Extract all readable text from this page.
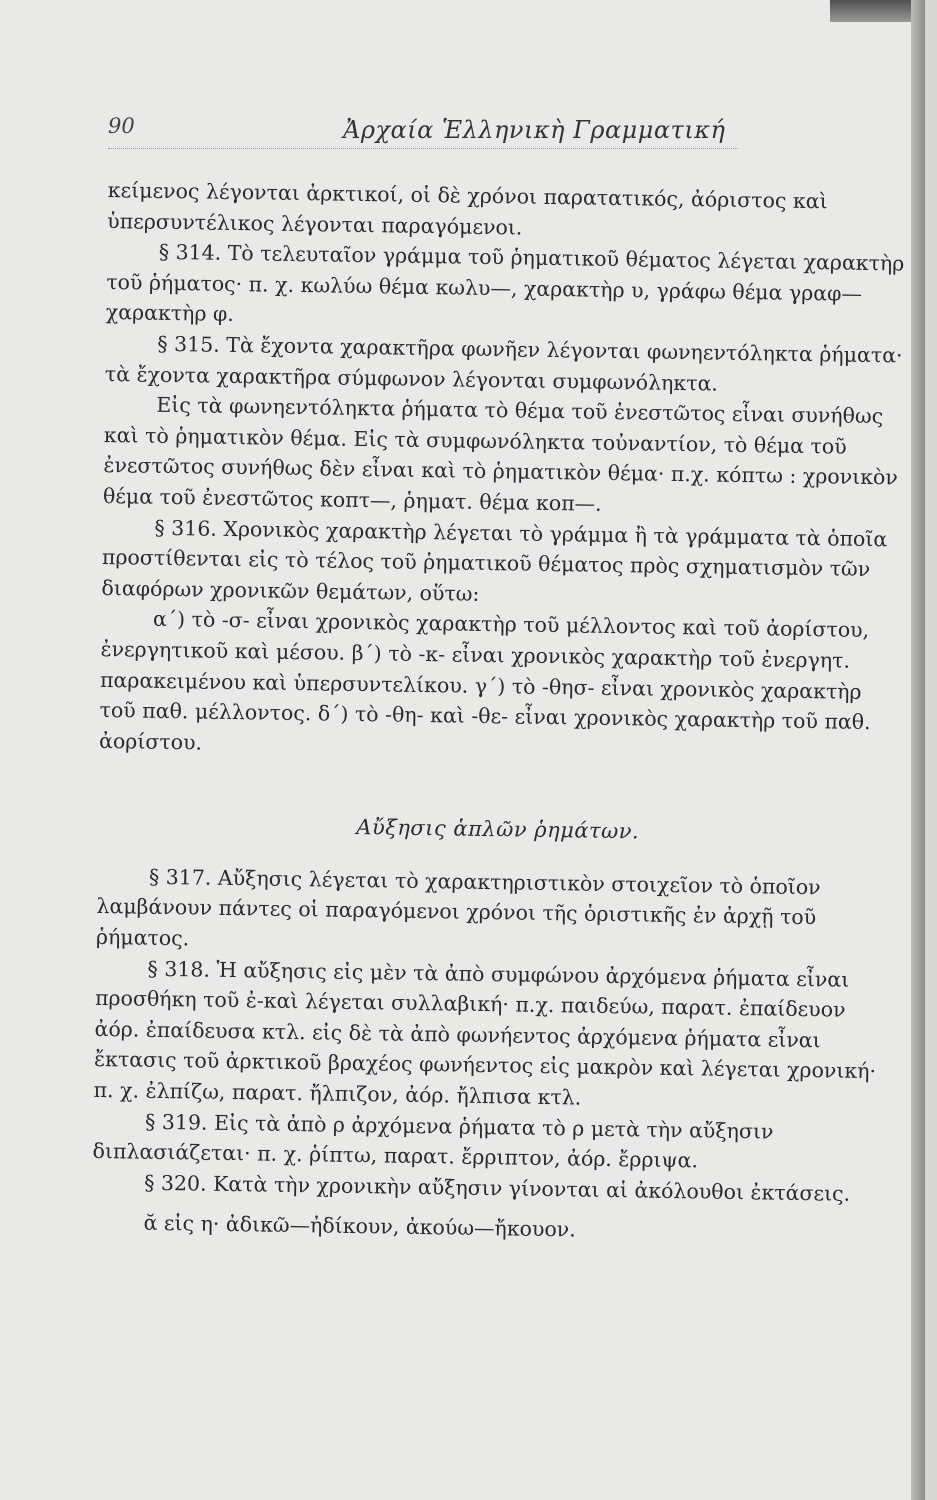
90	Ἀρχαία Ἑλληνικὴ Γραμματική

κείμενος λέγονται ἀρκτικοί, οἱ δὲ χρόνοι παρατατικός, ἀόριστος καὶ ὑπερσυντέλικος λέγονται παραγόμενοι.

§ 314. Τὸ τελευταῖον γράμμα τοῦ ῥηματικοῦ θέματος λέγεται χαρακτὴρ τοῦ ῥήματος· π. χ. κωλύω θέμα κωλυ—, χαρακτὴρ υ, γράφω θέμα γραφ—χαρακτὴρ φ.

§ 315. Τὰ ἔχοντα χαρακτῆρα φωνῆεν λέγονται φωνηεντόληκτα ῥήματα· τὰ ἔχοντα χαρακτῆρα σύμφωνον λέγονται συμφωνόληκτα.

Εἰς τὰ φωνηεντόληκτα ῥήματα τὸ θέμα τοῦ ἐνεστῶτος εἶναι συνήθως καὶ τὸ ῥηματικὸν θέμα. Εἰς τὰ συμφωνόληκτα τοὐναντίον, τὸ θέμα τοῦ ἐνεστῶτος συνήθως δὲν εἶναι καὶ τὸ ῥηματικὸν θέμα· π.χ. κόπτω : χρονικὸν θέμα τοῦ ἐνεστῶτος κοπτ—, ῥηματ. θέμα κοπ—.

§ 316. Χρονικὸς χαρακτὴρ λέγεται τὸ γράμμα ἢ τὰ γράμματα τὰ ὁποῖα προστίθενται εἰς τὸ τέλος τοῦ ῥηματικοῦ θέματος πρὸς σχηματισμὸν τῶν διαφόρων χρονικῶν θεμάτων, οὕτω:

α΄) τὸ -σ- εἶναι χρονικὸς χαρακτὴρ τοῦ μέλλοντος καὶ τοῦ ἀορίστου, ἐνεργητικοῦ καὶ μέσου. β΄) τὸ -κ- εἶναι χρονικὸς χαρακτὴρ τοῦ ἐνεργητ. παρακειμένου καὶ ὑπερσυντελίκου. γ΄) τὸ -θησ- εἶναι χρονικὸς χαρακτὴρ τοῦ παθ. μέλλοντος. δ΄) τὸ -θη- καὶ -θε- εἶναι χρονικὸς χαρακτὴρ τοῦ παθ. ἀορίστου.

Αὔξησις ἁπλῶν ῥημάτων.

§ 317. Αὔξησις λέγεται τὸ χαρακτηριστικὸν στοιχεῖον τὸ ὁποῖον λαμβάνουν πάντες οἱ παραγόμενοι χρόνοι τῆς ὁριστικῆς ἐν ἀρχῇ τοῦ ῥήματος.

§ 318. Ἡ αὔξησις εἰς μὲν τὰ ἀπὸ συμφώνου ἀρχόμενα ῥήματα εἶναι προσθήκη τοῦ ἐ-καὶ λέγεται συλλαβική· π.χ. παιδεύω, παρατ. ἐπαίδευον ἀόρ. ἐπαίδευσα κτλ. εἰς δὲ τὰ ἀπὸ φωνήεντος ἀρχόμενα ῥήματα εἶναι ἔκτασις τοῦ ἀρκτικοῦ βραχέος φωνήεντος εἰς μακρὸν καὶ λέγεται χρονική· π. χ. ἐλπίζω, παρατ. ἤλπιζον, ἀόρ. ἤλπισα κτλ.

§ 319. Εἰς τὰ ἀπὸ ρ ἀρχόμενα ῥήματα τὸ ρ μετὰ τὴν αὔξησιν διπλασιάζεται· π. χ. ῥίπτω, παρατ. ἔρριπτον, ἀόρ. ἔρριψα.

§ 320. Κατὰ τὴν χρονικὴν αὔξησιν γίνονται αἱ ἀκόλουθοι ἐκτάσεις.

ᾰ εἰς η· ἀδικῶ—ἠδίκουν, ἀκούω—ἤκουον.
